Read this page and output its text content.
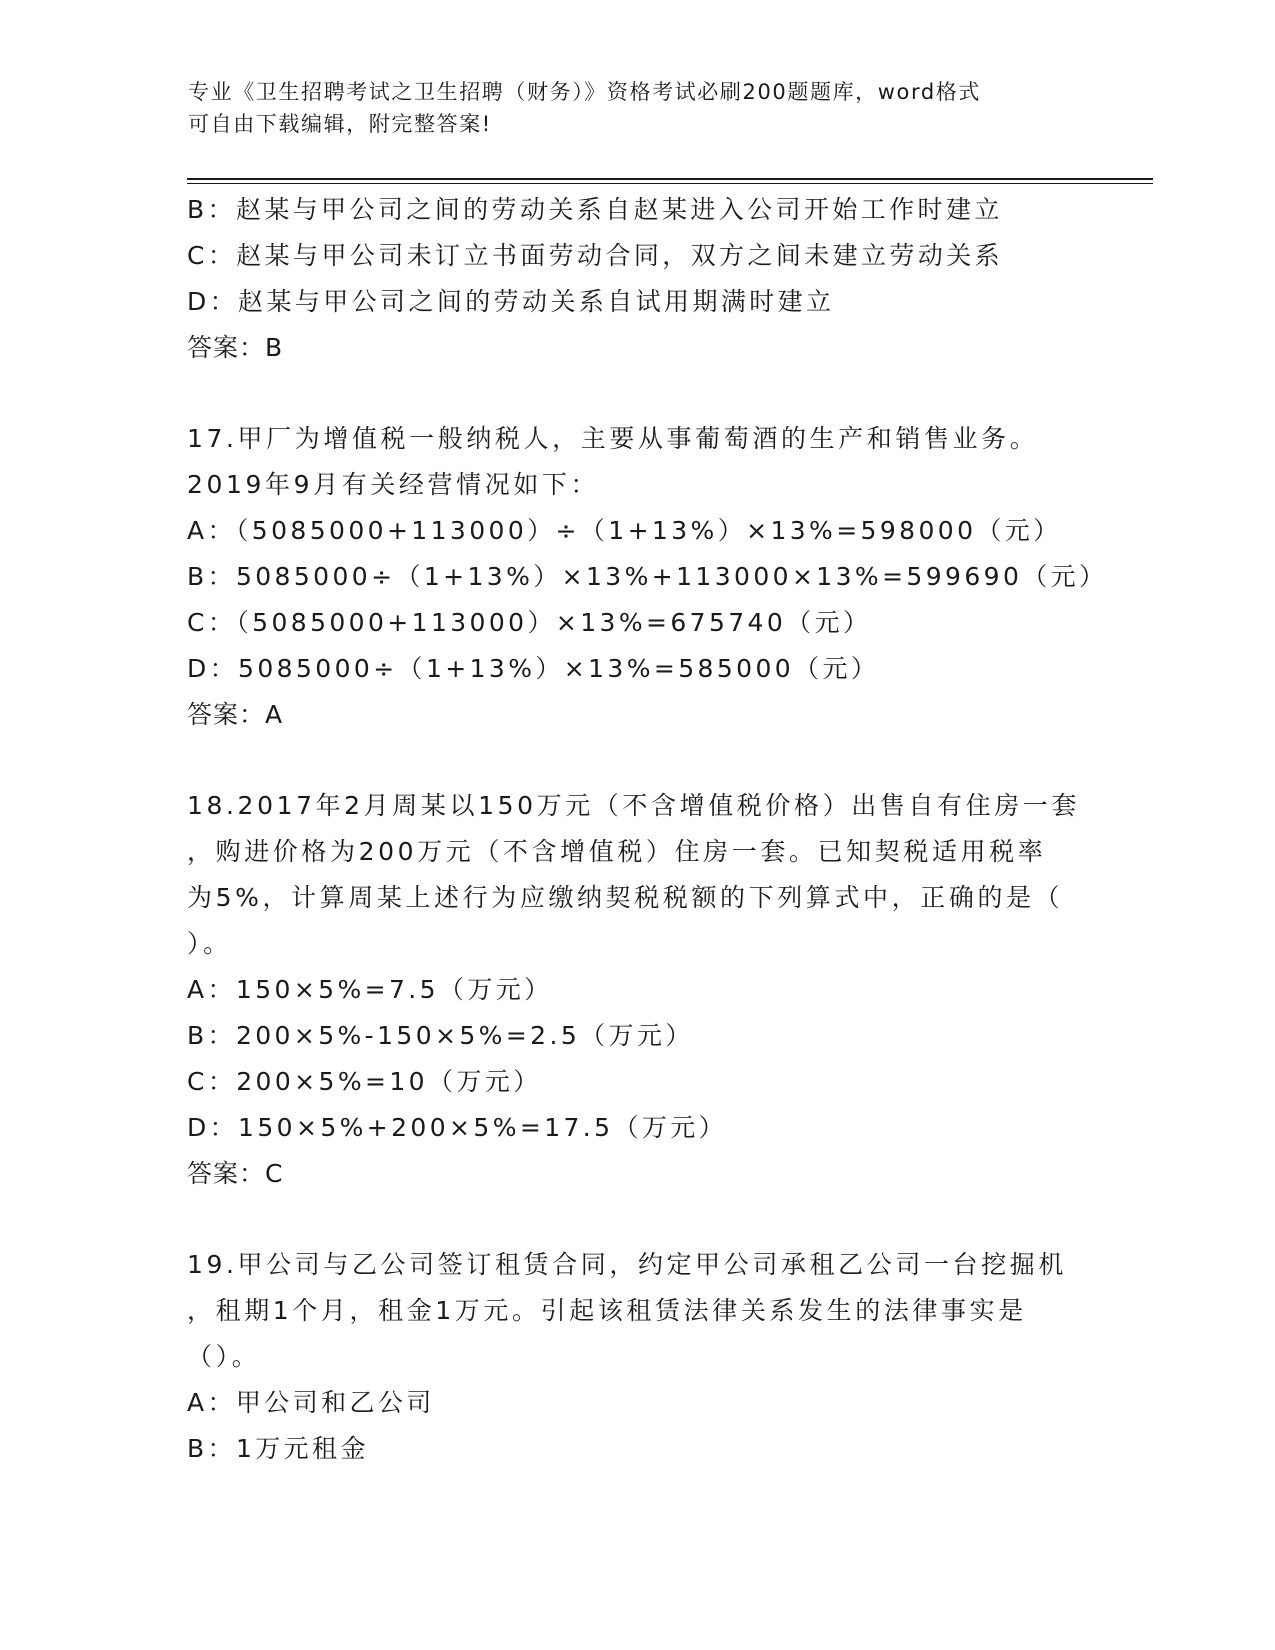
专业《卫生招聘考试之卫生招聘（财务）》资格考试必刷200题题库，word格式
可自由下载编辑，附完整答案!

B：赵某与甲公司之间的劳动关系自赵某进入公司开始工作时建立

C：赵某与甲公司未订立书面劳动合同，双方之间未建立劳动关系

D：赵某与甲公司之间的劳动关系自试用期满时建立

答案：B

17.甲厂为增值税一般纳税人，主要从事葡萄酒的生产和销售业务。

2019年9月有关经营情况如下：

A：（5085000+113000）÷（1+13%）×13%=598000（元）

B：5085000÷（1+13%）×13%+113000×13%=599690（元）

C：（5085000+113000）×13%=675740（元）

D：5085000÷（1+13%）×13%=585000（元）

答案：A

18.2017年2月周某以150万元（不含增值税价格）出售自有住房一套

，购进价格为200万元（不含增值税）住房一套。已知契税适用税率

为5%，计算周某上述行为应缴纳契税税额的下列算式中，正确的是（

）。

A：150×5%=7.5（万元）

B：200×5%-150×5%=2.5（万元）

C：200×5%=10（万元）

D：150×5%+200×5%=17.5（万元）

答案：C

19.甲公司与乙公司签订租赁合同，约定甲公司承租乙公司一台挖掘机

，租期1个月，租金1万元。引起该租赁法律关系发生的法律事实是

（）。

A：甲公司和乙公司

B：1万元租金
